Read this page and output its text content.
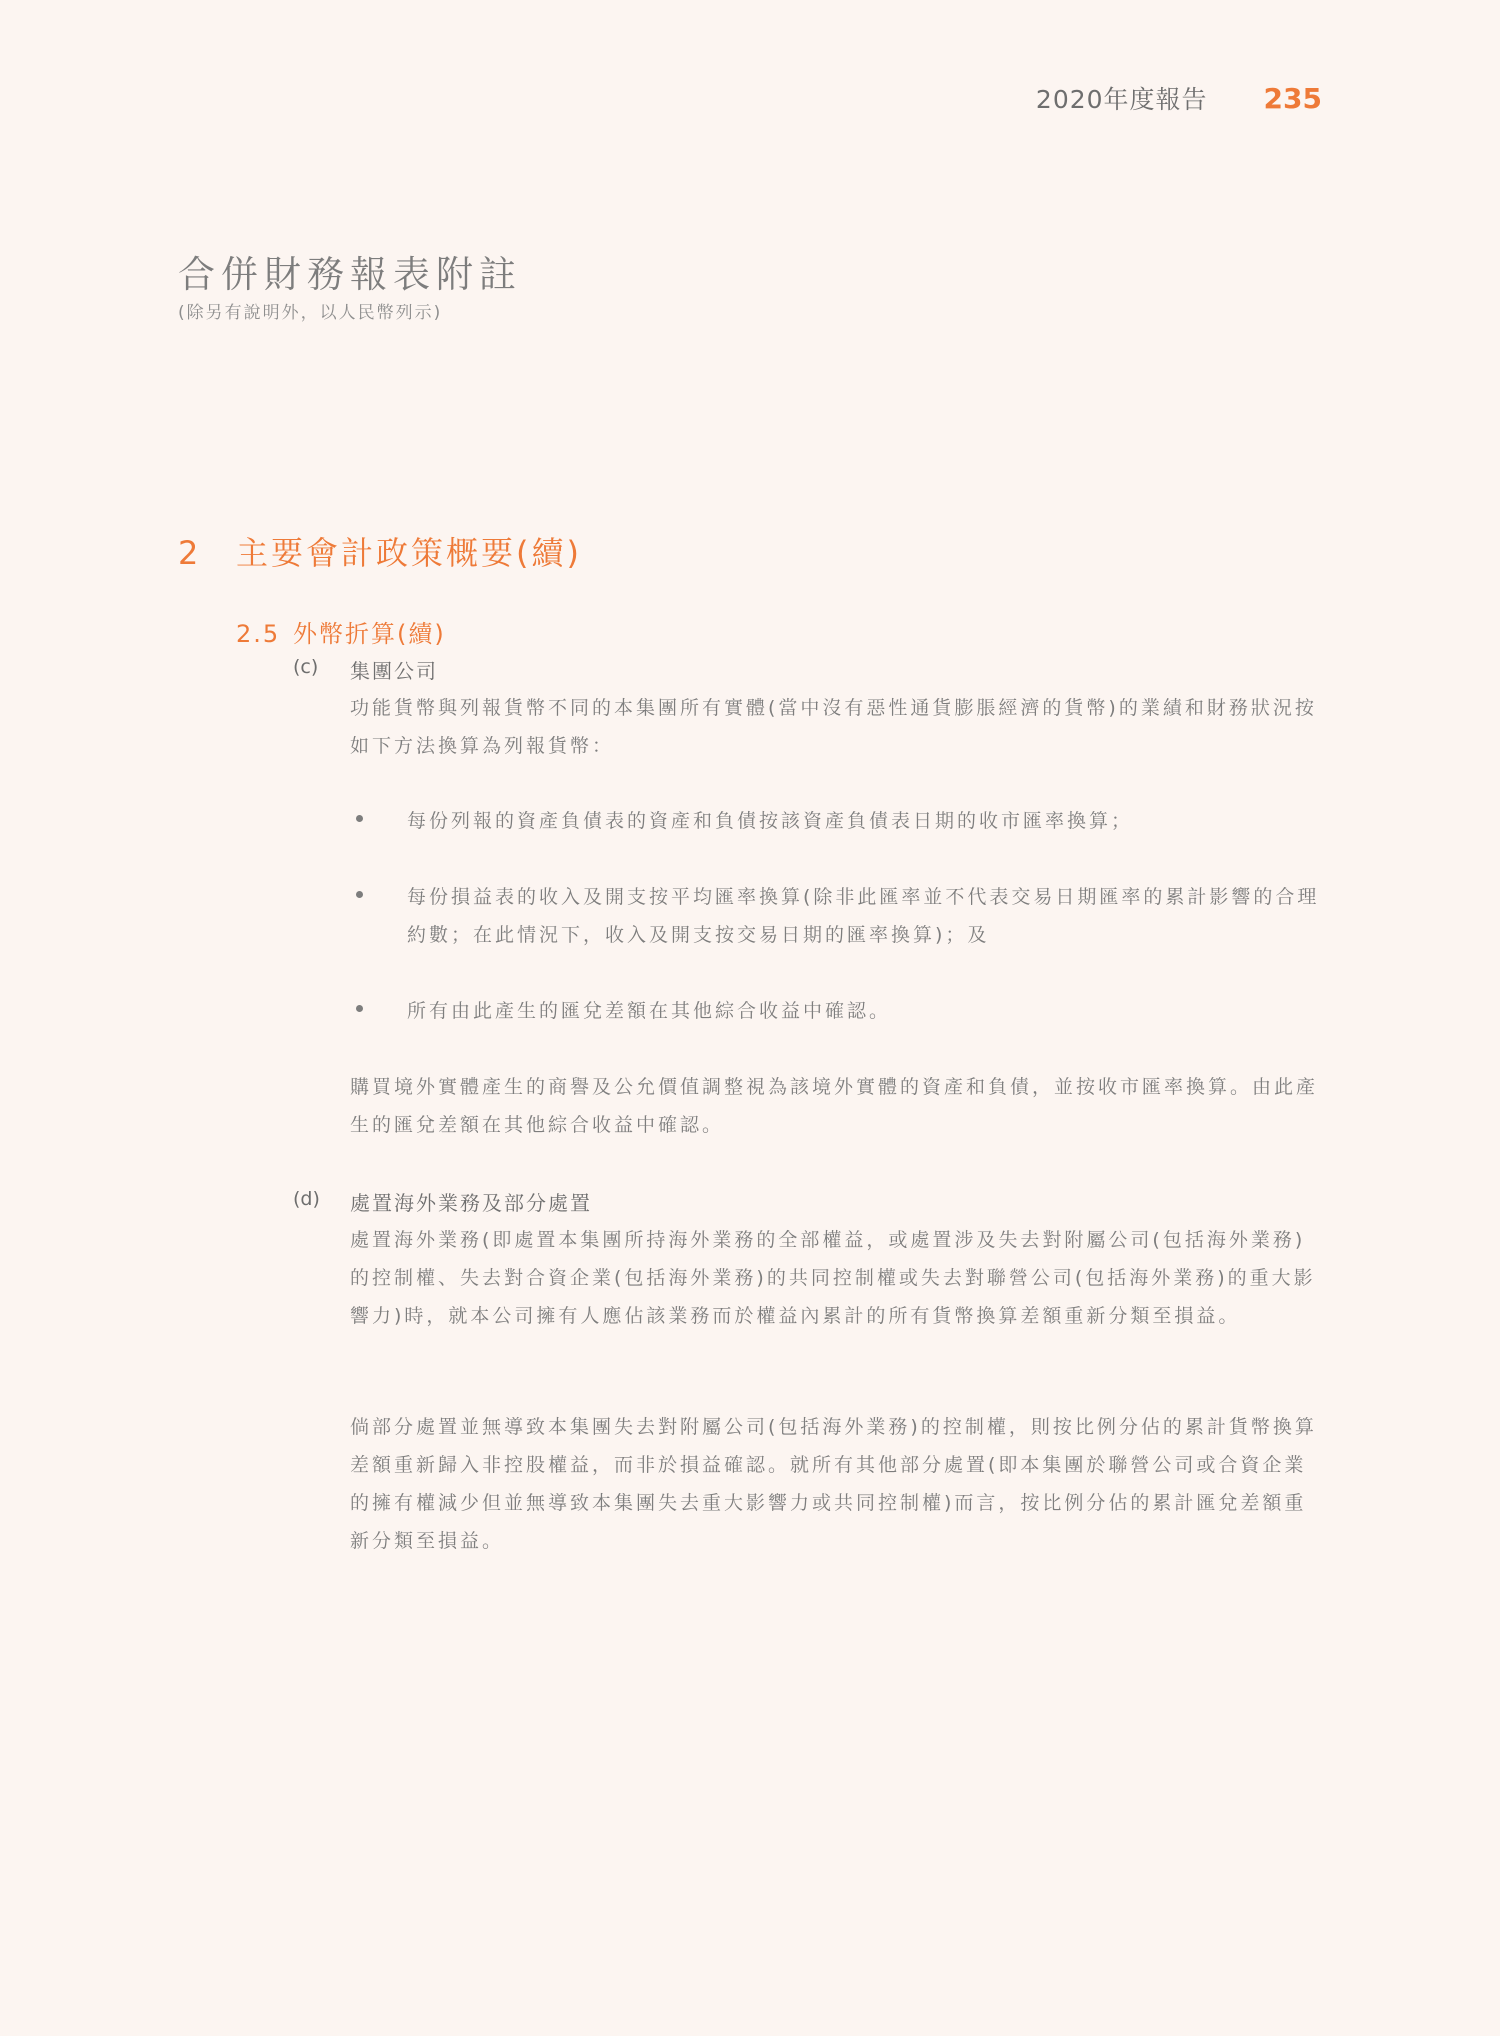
2020年度報告 235
合併財務報表附註
(除另有說明外，以人民幣列示)
2 主要會計政策概要(續)
2.5 外幣折算(續)
(c) 集團公司
功能貨幣與列報貨幣不同的本集團所有實體(當中沒有惡性通貨膨脹經濟的貨幣)的業績和財務狀況按如下方法換算為列報貨幣：
每份列報的資產負債表的資產和負債按該資產負債表日期的收市匯率換算；
每份損益表的收入及開支按平均匯率換算(除非此匯率並不代表交易日期匯率的累計影響的合理約數；在此情況下，收入及開支按交易日期的匯率換算)；及
所有由此產生的匯兌差額在其他綜合收益中確認。
購買境外實體產生的商譽及公允價值調整視為該境外實體的資產和負債，並按收市匯率換算。由此產生的匯兌差額在其他綜合收益中確認。
(d) 處置海外業務及部分處置
處置海外業務(即處置本集團所持海外業務的全部權益，或處置涉及失去對附屬公司(包括海外業務)的控制權、失去對合資企業(包括海外業務)的共同控制權或失去對聯營公司(包括海外業務)的重大影響力)時，就本公司擁有人應佔該業務而於權益內累計的所有貨幣換算差額重新分類至損益。
倘部分處置並無導致本集團失去對附屬公司(包括海外業務)的控制權，則按比例分佔的累計貨幣換算差額重新歸入非控股權益，而非於損益確認。就所有其他部分處置(即本集團於聯營公司或合資企業的擁有權減少但並無導致本集團失去重大影響力或共同控制權)而言，按比例分佔的累計匯兌差額重新分類至損益。
